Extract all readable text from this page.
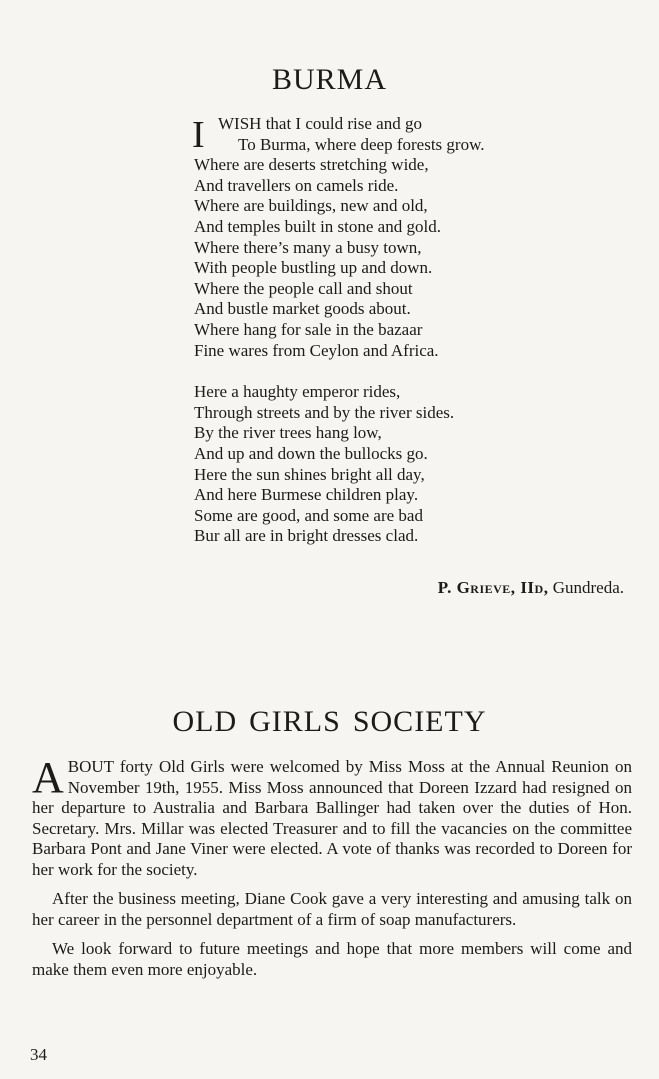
BURMA
I WISH that I could rise and go
To Burma, where deep forests grow.
Where are deserts stretching wide,
And travellers on camels ride.
Where are buildings, new and old,
And temples built in stone and gold.
Where there’s many a busy town,
With people bustling up and down.
Where the people call and shout
And bustle market goods about.
Where hang for sale in the bazaar
Fine wares from Ceylon and Africa.
Here a haughty emperor rides,
Through streets and by the river sides.
By the river trees hang low,
And up and down the bullocks go.
Here the sun shines bright all day,
And here Burmese children play.
Some are good, and some are bad
Bur all are in bright dresses clad.
P. Grieve, IId, Gundreda.
OLD GIRLS SOCIETY

ABOUT forty Old Girls were welcomed by Miss Moss at the Annual Reunion on November 19th, 1955. Miss Moss announced that Doreen Izzard had resigned on her departure to Australia and Barbara Ballinger had taken over the duties of Hon. Secretary. Mrs. Millar was elected Treasurer and to fill the vacancies on the committee Barbara Pont and Jane Viner were elected. A vote of thanks was recorded to Doreen for her work for the society.

After the business meeting, Diane Cook gave a very interesting and amusing talk on her career in the personnel department of a firm of soap manufacturers.

We look forward to future meetings and hope that more members will come and make them even more enjoyable.

34
